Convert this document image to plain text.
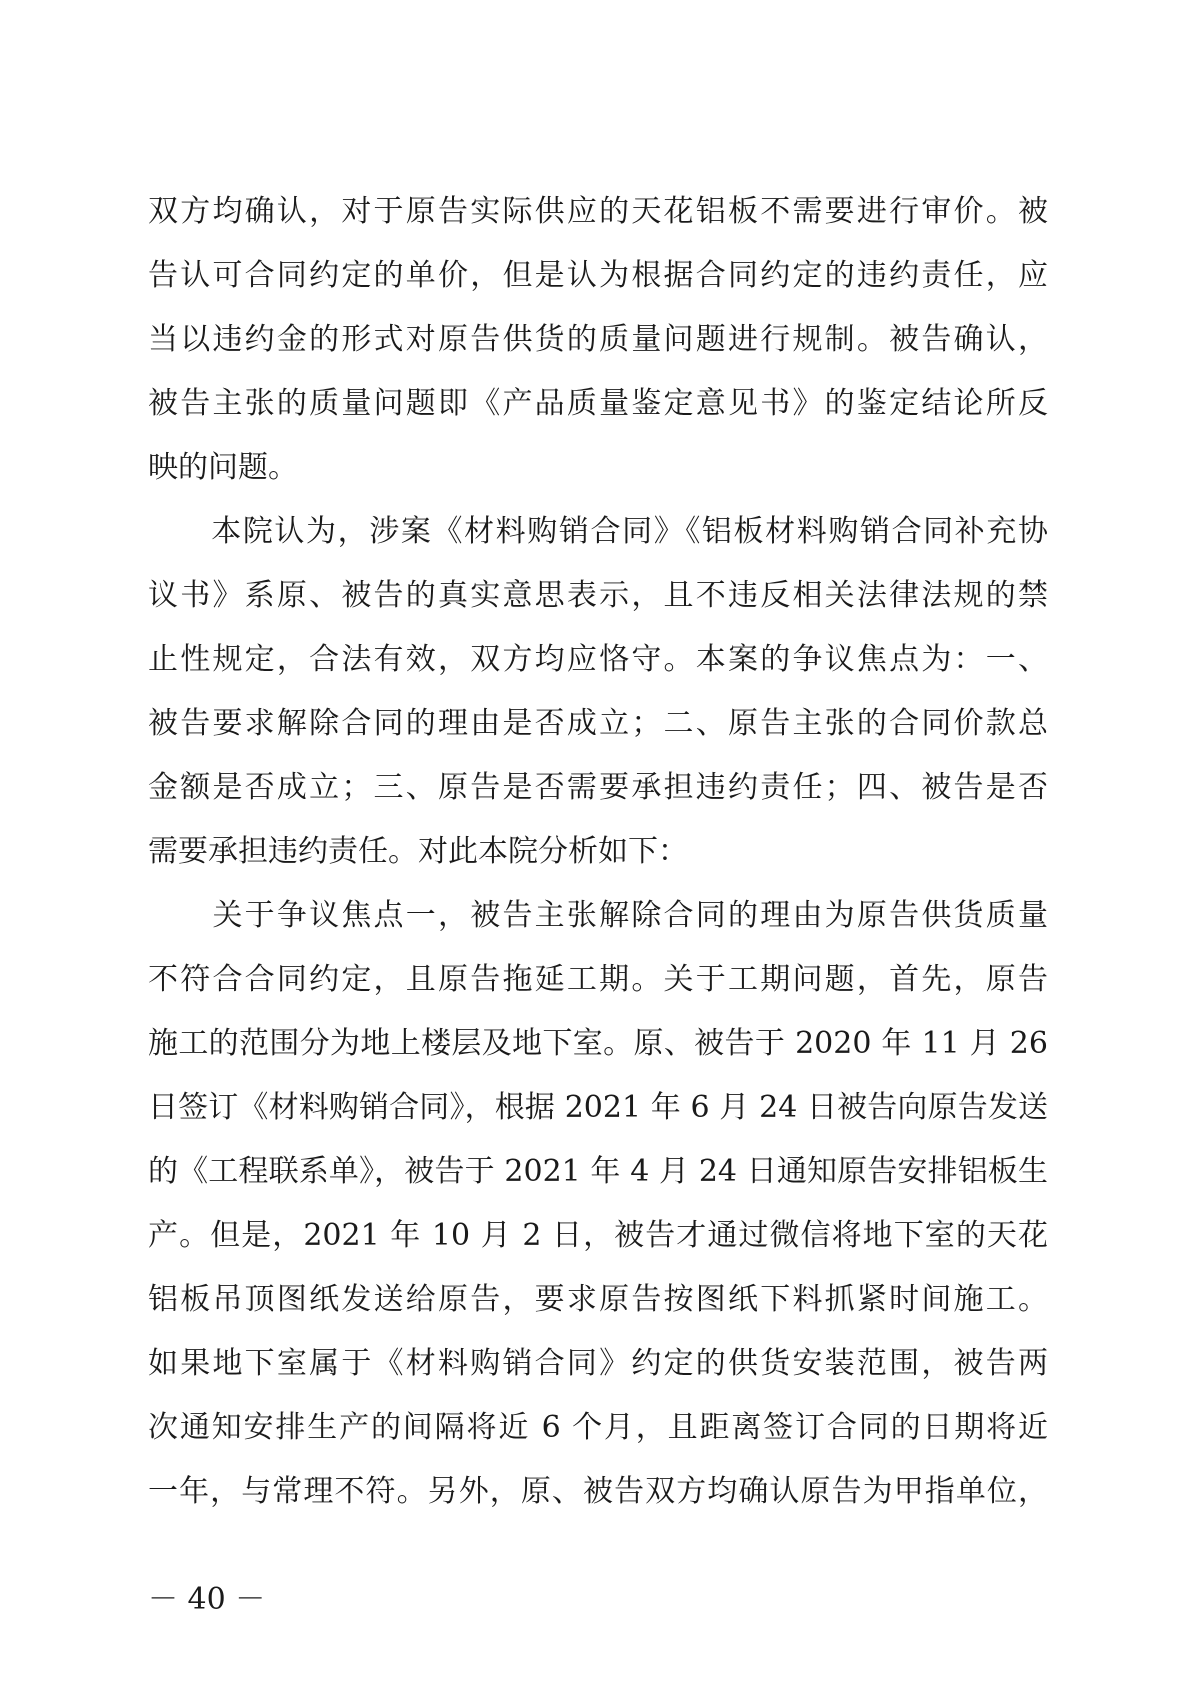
双方均确认，对于原告实际供应的天花铝板不需要进行审价。被
告认可合同约定的单价，但是认为根据合同约定的违约责任，应
当以违约金的形式对原告供货的质量问题进行规制。被告确认，
被告主张的质量问题即《产品质量鉴定意见书》的鉴定结论所反
映的问题。
　　本院认为，涉案《材料购销合同》《铝板材料购销合同补充协
议书》系原、被告的真实意思表示，且不违反相关法律法规的禁
止性规定，合法有效，双方均应恪守。本案的争议焦点为：一、
被告要求解除合同的理由是否成立；二、原告主张的合同价款总
金额是否成立；三、原告是否需要承担违约责任；四、被告是否
需要承担违约责任。对此本院分析如下：
　　关于争议焦点一，被告主张解除合同的理由为原告供货质量
不符合合同约定，且原告拖延工期。关于工期问题，首先，原告
施工的范围分为地上楼层及地下室。原、被告于 2020 年 11 月 26
日签订《材料购销合同》，根据 2021 年 6 月 24 日被告向原告发送
的《工程联系单》，被告于 2021 年 4 月 24 日通知原告安排铝板生
产。但是，2021 年 10 月 2 日，被告才通过微信将地下室的天花
铝板吊顶图纸发送给原告，要求原告按图纸下料抓紧时间施工。
如果地下室属于《材料购销合同》约定的供货安装范围，被告两
次通知安排生产的间隔将近 6 个月，且距离签订合同的日期将近
一年，与常理不符。另外，原、被告双方均确认原告为甲指单位，
－ 40 －
